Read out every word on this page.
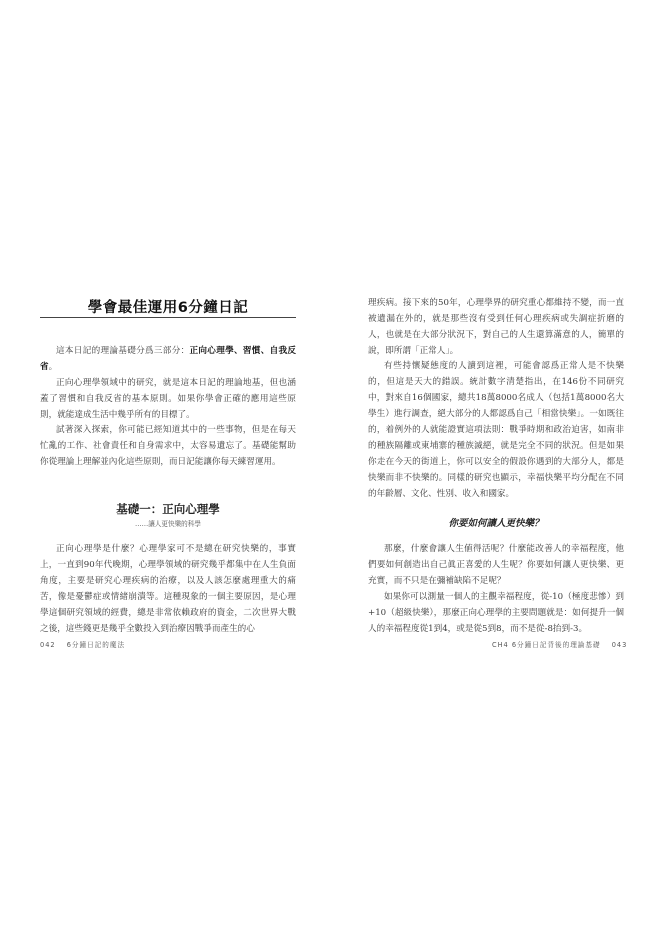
學會最佳運用6分鐘日記
這本日記的理論基礎分爲三部分：正向心理學、習慣、自我反省。
正向心理學領域中的研究，就是這本日記的理論地基，但也涵蓋了習慣和自我反省的基本原則。如果你學會正確的應用這些原則，就能達成生活中幾乎所有的目標了。
試著深入探索，你可能已經知道其中的一些事物，但是在每天忙亂的工作、社會責任和自身需求中，太容易遺忘了。基礎能幫助你從理論上理解並內化這些原則，而日記能讓你每天練習運用。
基礎一：正向心理學
……讓人更快樂的科學
正向心理學是什麼？心理學家可不是總在研究快樂的，事實上，一直到90年代晚期，心理學領域的研究幾乎都集中在人生負面角度，主要是研究心理疾病的治療，以及人該怎麼處理重大的痛苦，像是憂鬱症或情緒崩潰等。這種現象的一個主要原因，是心理學這個研究領域的經費，總是非常依賴政府的資金，二次世界大戰之後，這些錢更是幾乎全數投入到治療因戰爭而產生的心
042 6分鐘日記的魔法
理疾病。接下來的50年，心理學界的研究重心都維持不變，而一直被遺漏在外的，就是那些沒有受到任何心理疾病或失調症折磨的人，也就是在大部分狀況下，對自己的人生還算滿意的人，簡單的說，即所謂「正常人」。
有些持懷疑態度的人讀到這裡，可能會認爲正常人是不快樂的，但這是天大的錯誤。統計數字清楚指出，在146份不同研究中，對來自16個國家，總共18萬8000名成人（包括1萬8000名大學生）進行調查，絕大部分的人都認爲自己「相當快樂」。一如既往的，着例外的人就能證實這項法則：戰爭時期和政治迫害，如南非的種族隔離或東埔寨的種族滅絕，就是完全不同的狀況。但是如果你走在今天的街道上，你可以安全的假設你遇到的大部分人，都是快樂而非不快樂的。同樣的研究也顯示，幸福快樂平均分配在不同的年齡層、文化、性別、收入和國家。
你要如何讓人更快樂？
那麼，什麼會讓人生値得活呢？什麼能改善人的幸福程度，他們要如何創造出自己眞正喜愛的人生呢？你要如何讓人更快樂、更充實，而不只是在彌補缺陷不足呢？
如果你可以測量一個人的主觀幸福程度，從-10（極度悲慘）到+10（超級快樂），那麼正向心理學的主要問題就是：如何提升一個人的幸福程度從1到4，或是從5到8，而不是從-8抬到-3。
CH4 6分鐘日記背後的理論基礎 043
